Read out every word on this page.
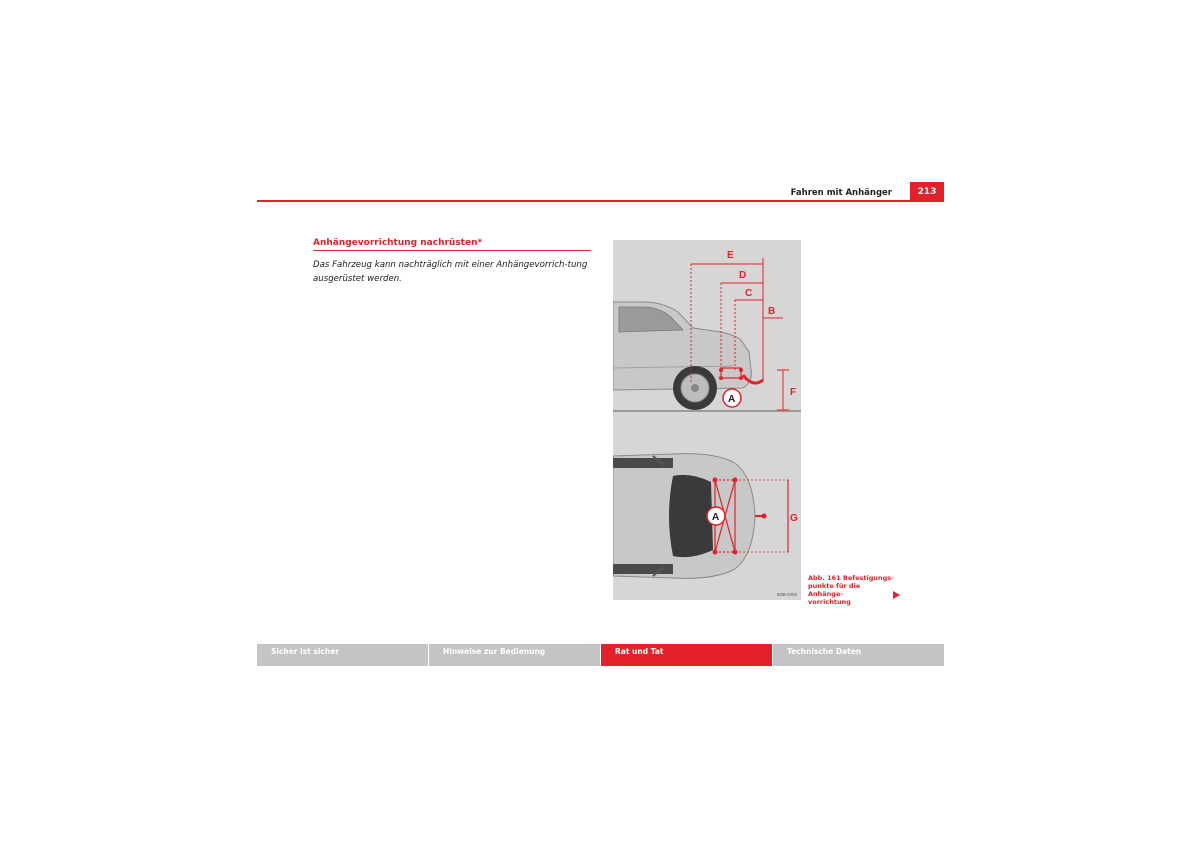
Fahren mit Anhänger	213
Anhängevorrichtung nachrüsten*
Das Fahrzeug kann nachträglich mit einer Anhängevorrich-tung ausgerüstet werden.
E
D
C
B
F
A
G
A
B3B-0393
Abb. 161 Befestigungs-
punkte für die Anhänge-
vorrichtung
Sicher ist sicher	Hinweise zur Bedienung	Rat und Tat	Technische Daten
